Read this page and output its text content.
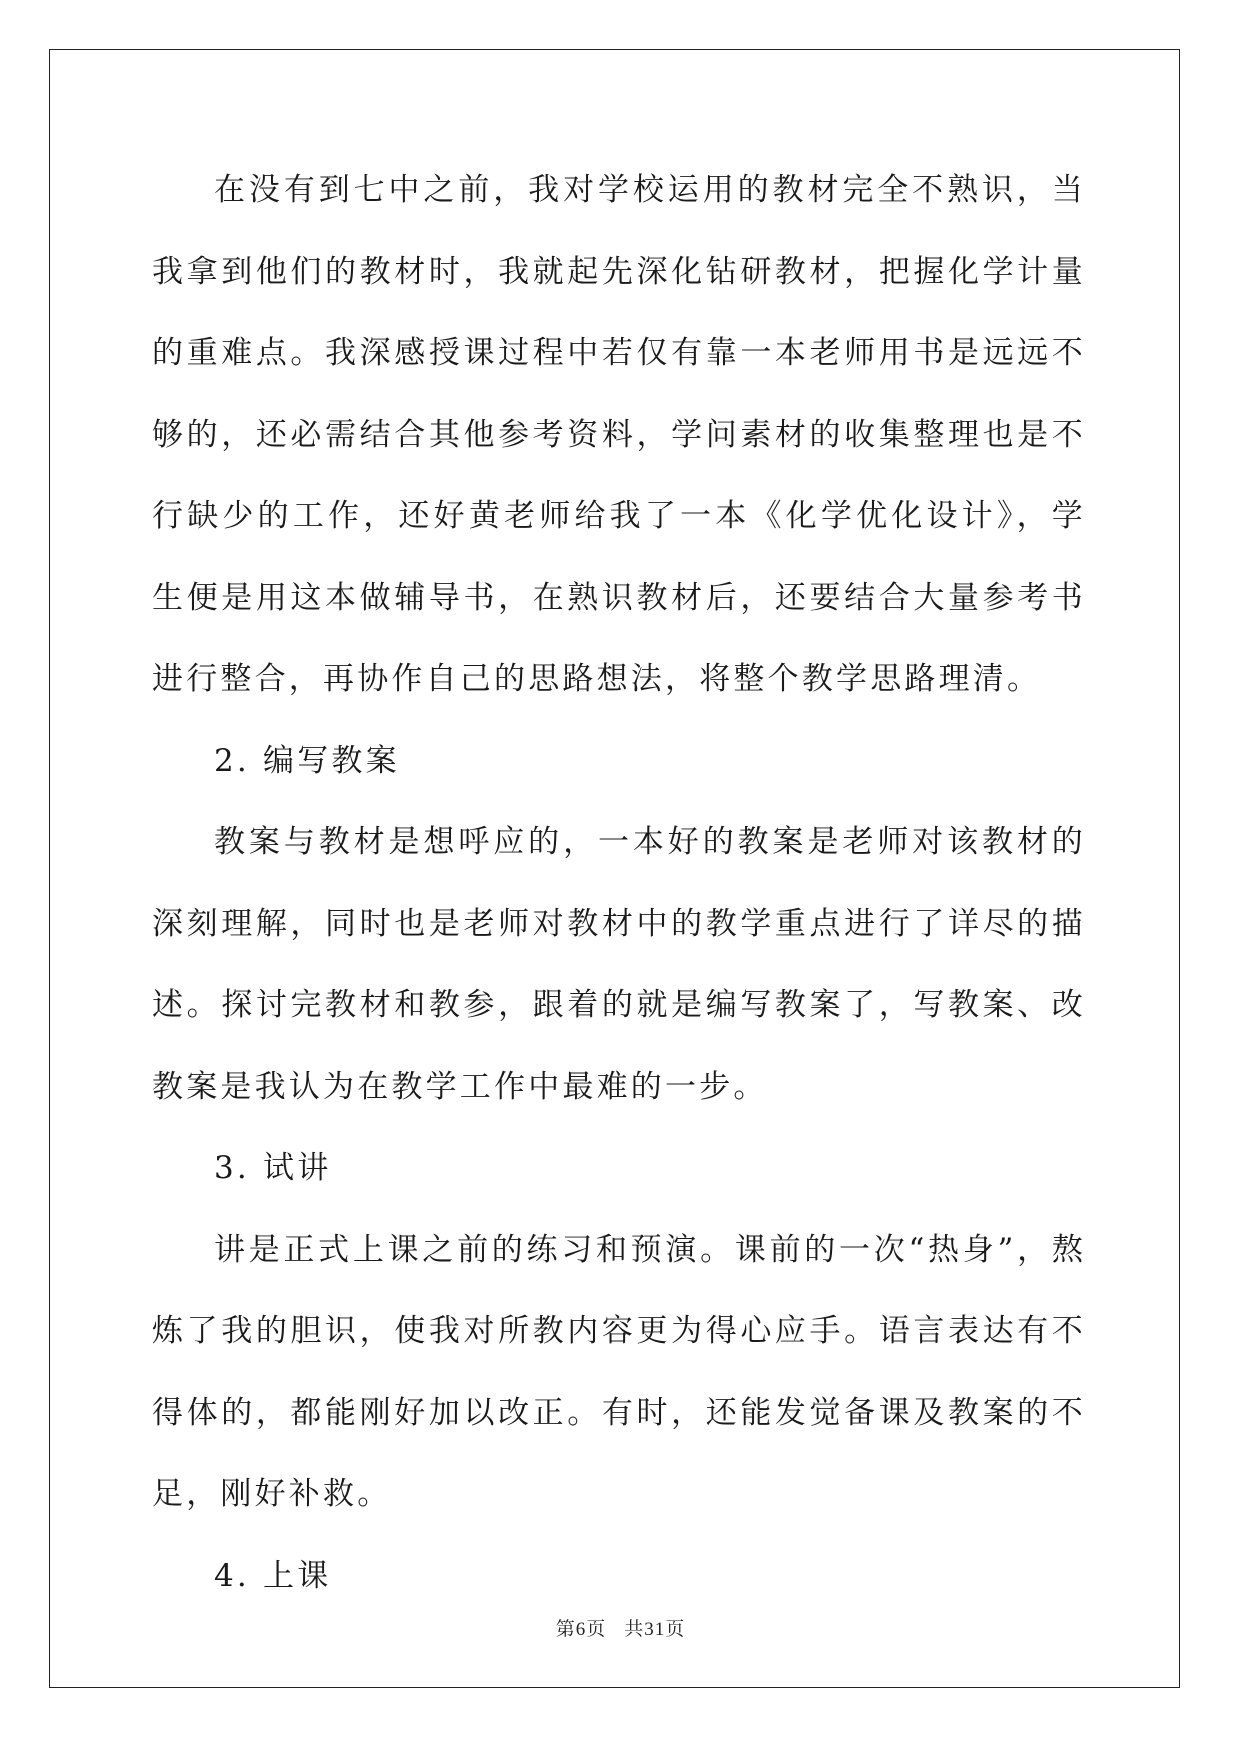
在没有到七中之前，我对学校运用的教材完全不熟识，当我拿到他们的教材时，我就起先深化钻研教材，把握化学计量的重难点。我深感授课过程中若仅有靠一本老师用书是远远不够的，还必需结合其他参考资料，学问素材的收集整理也是不行缺少的工作，还好黄老师给我了一本《化学优化设计》，学生便是用这本做辅导书，在熟识教材后，还要结合大量参考书进行整合，再协作自己的思路想法，将整个教学思路理清。

2. 编写教案

教案与教材是想呼应的，一本好的教案是老师对该教材的深刻理解，同时也是老师对教材中的教学重点进行了详尽的描述。探讨完教材和教参，跟着的就是编写教案了，写教案、改教案是我认为在教学工作中最难的一步。

3. 试讲

讲是正式上课之前的练习和预演。课前的一次“热身”，熬炼了我的胆识，使我对所教内容更为得心应手。语言表达有不得体的，都能刚好加以改正。有时，还能发觉备课及教案的不足，刚好补救。

4. 上课

第6页 共31页
